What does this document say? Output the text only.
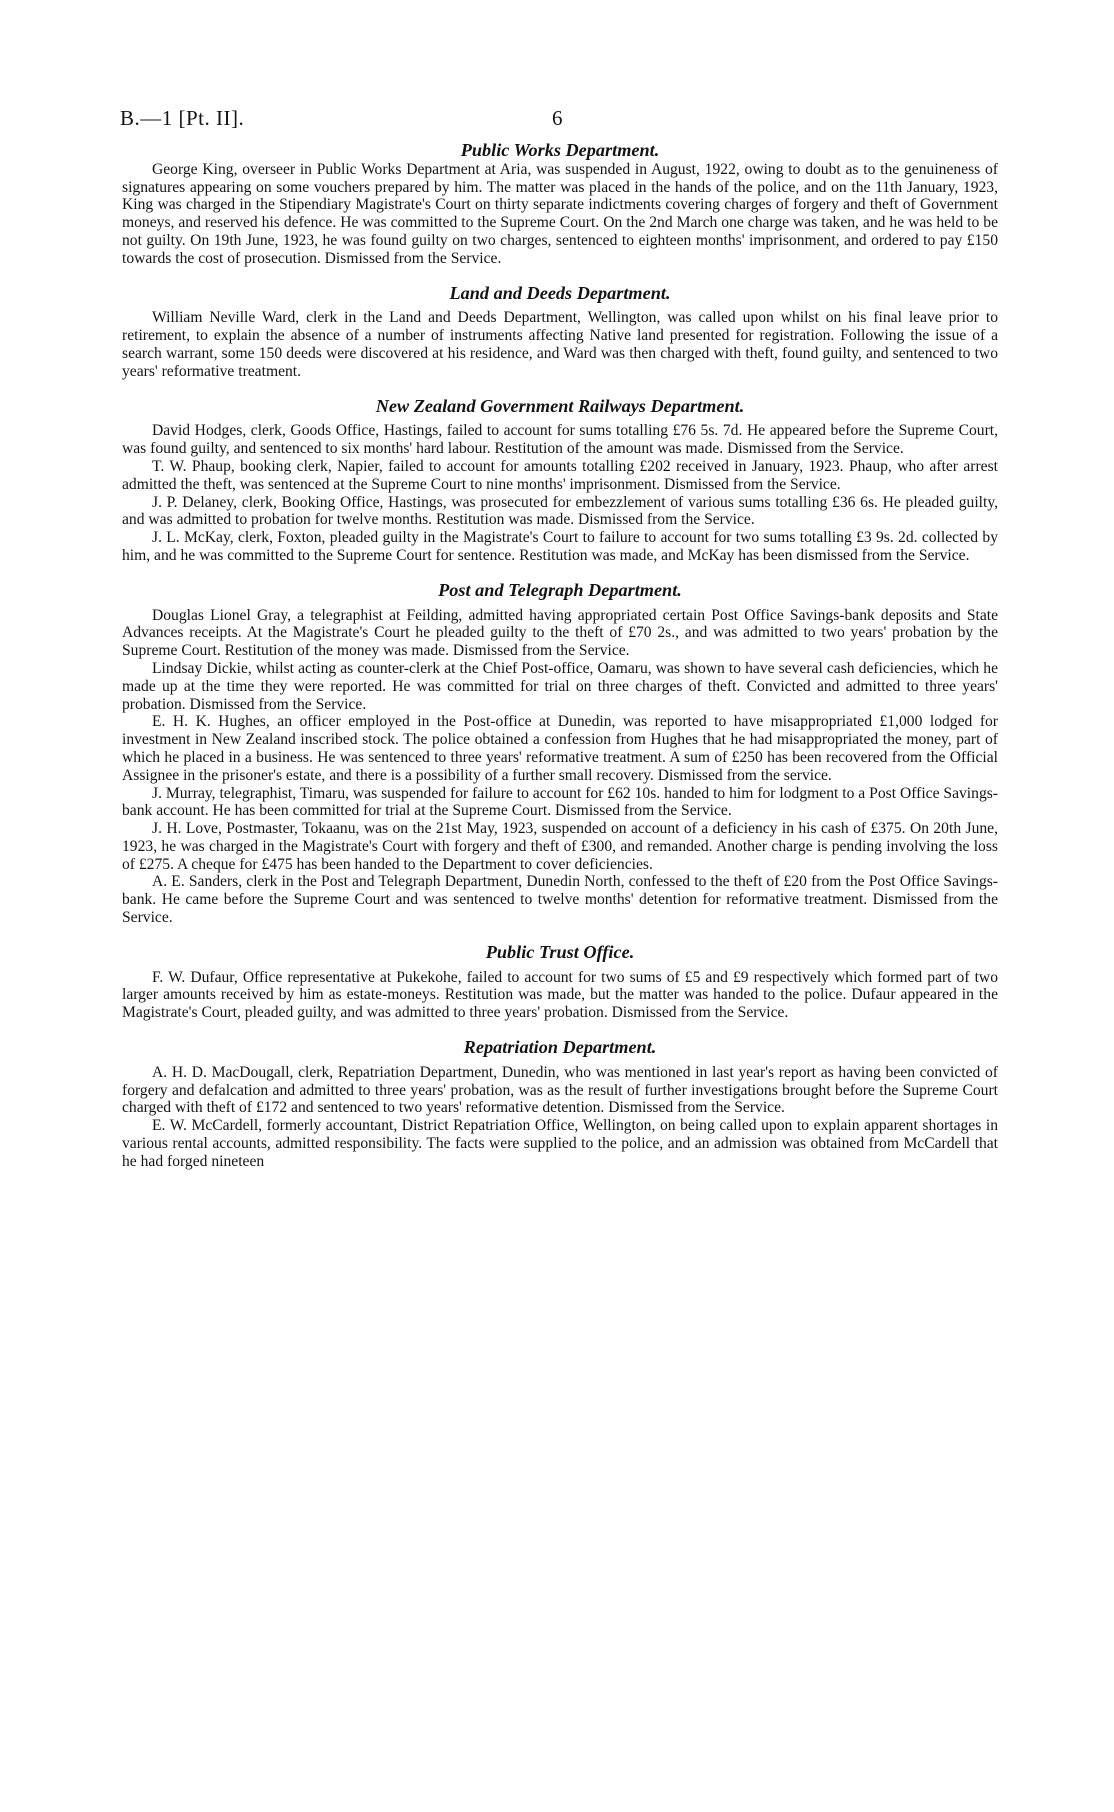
B.—1 [Pt. II].	6
Public Works Department.

George King, overseer in Public Works Department at Aria, was suspended in August, 1922, owing to doubt as to the genuineness of signatures appearing on some vouchers prepared by him. The matter was placed in the hands of the police, and on the 11th January, 1923, King was charged in the Stipendiary Magistrate's Court on thirty separate indictments covering charges of forgery and theft of Government moneys, and reserved his defence. He was committed to the Supreme Court. On the 2nd March one charge was taken, and he was held to be not guilty. On 19th June, 1923, he was found guilty on two charges, sentenced to eighteen months' imprisonment, and ordered to pay £150 towards the cost of prosecution. Dismissed from the Service.

Land and Deeds Department.

William Neville Ward, clerk in the Land and Deeds Department, Wellington, was called upon whilst on his final leave prior to retirement, to explain the absence of a number of instruments affecting Native land presented for registration. Following the issue of a search warrant, some 150 deeds were discovered at his residence, and Ward was then charged with theft, found guilty, and sentenced to two years' reformative treatment.

New Zealand Government Railways Department.

David Hodges, clerk, Goods Office, Hastings, failed to account for sums totalling £76 5s. 7d. He appeared before the Supreme Court, was found guilty, and sentenced to six months' hard labour. Restitution of the amount was made. Dismissed from the Service.

T. W. Phaup, booking clerk, Napier, failed to account for amounts totalling £202 received in January, 1923. Phaup, who after arrest admitted the theft, was sentenced at the Supreme Court to nine months' imprisonment. Dismissed from the Service.

J. P. Delaney, clerk, Booking Office, Hastings, was prosecuted for embezzlement of various sums totalling £36 6s. He pleaded guilty, and was admitted to probation for twelve months. Restitution was made. Dismissed from the Service.

J. L. McKay, clerk, Foxton, pleaded guilty in the Magistrate's Court to failure to account for two sums totalling £3 9s. 2d. collected by him, and he was committed to the Supreme Court for sentence. Restitution was made, and McKay has been dismissed from the Service.

Post and Telegraph Department.

Douglas Lionel Gray, a telegraphist at Feilding, admitted having appropriated certain Post Office Savings-bank deposits and State Advances receipts. At the Magistrate's Court he pleaded guilty to the theft of £70 2s., and was admitted to two years' probation by the Supreme Court. Restitution of the money was made. Dismissed from the Service.

Lindsay Dickie, whilst acting as counter-clerk at the Chief Post-office, Oamaru, was shown to have several cash deficiencies, which he made up at the time they were reported. He was committed for trial on three charges of theft. Convicted and admitted to three years' probation. Dismissed from the Service.

E. H. K. Hughes, an officer employed in the Post-office at Dunedin, was reported to have misappropriated £1,000 lodged for investment in New Zealand inscribed stock. The police obtained a confession from Hughes that he had misappropriated the money, part of which he placed in a business. He was sentenced to three years' reformative treatment. A sum of £250 has been recovered from the Official Assignee in the prisoner's estate, and there is a possibility of a further small recovery. Dismissed from the service.

J. Murray, telegraphist, Timaru, was suspended for failure to account for £62 10s. handed to him for lodgment to a Post Office Savings-bank account. He has been committed for trial at the Supreme Court. Dismissed from the Service.

J. H. Love, Postmaster, Tokaanu, was on the 21st May, 1923, suspended on account of a deficiency in his cash of £375. On 20th June, 1923, he was charged in the Magistrate's Court with forgery and theft of £300, and remanded. Another charge is pending involving the loss of £275. A cheque for £475 has been handed to the Department to cover deficiencies.

A. E. Sanders, clerk in the Post and Telegraph Department, Dunedin North, confessed to the theft of £20 from the Post Office Savings-bank. He came before the Supreme Court and was sentenced to twelve months' detention for reformative treatment. Dismissed from the Service.

Public Trust Office.

F. W. Dufaur, Office representative at Pukekohe, failed to account for two sums of £5 and £9 respectively which formed part of two larger amounts received by him as estate-moneys. Restitution was made, but the matter was handed to the police. Dufaur appeared in the Magistrate's Court, pleaded guilty, and was admitted to three years' probation. Dismissed from the Service.

Repatriation Department.

A. H. D. MacDougall, clerk, Repatriation Department, Dunedin, who was mentioned in last year's report as having been convicted of forgery and defalcation and admitted to three years' probation, was as the result of further investigations brought before the Supreme Court charged with theft of £172 and sentenced to two years' reformative detention. Dismissed from the Service.

E. W. McCardell, formerly accountant, District Repatriation Office, Wellington, on being called upon to explain apparent shortages in various rental accounts, admitted responsibility. The facts were supplied to the police, and an admission was obtained from McCardell that he had forged nineteen
